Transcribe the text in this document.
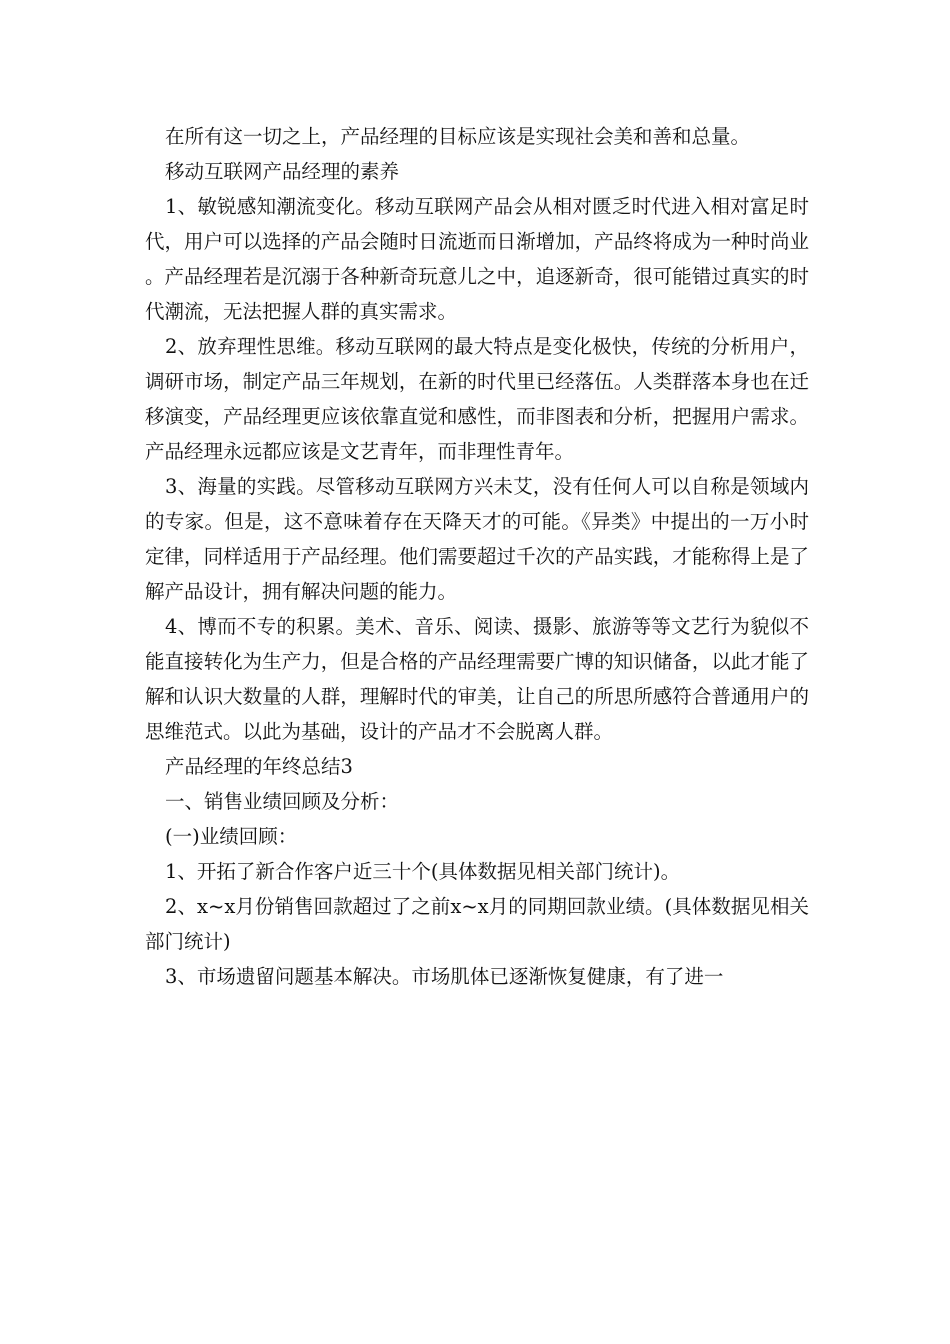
在所有这一切之上，产品经理的目标应该是实现社会美和善和总量。

移动互联网产品经理的素养

1、敏锐感知潮流变化。移动互联网产品会从相对匮乏时代进入相对富足时代，用户可以选择的产品会随时日流逝而日渐增加，产品终将成为一种时尚业。产品经理若是沉溺于各种新奇玩意儿之中，追逐新奇，很可能错过真实的时代潮流，无法把握人群的真实需求。

2、放弃理性思维。移动互联网的最大特点是变化极快，传统的分析用户，调研市场，制定产品三年规划，在新的时代里已经落伍。人类群落本身也在迁移演变，产品经理更应该依靠直觉和感性，而非图表和分析，把握用户需求。产品经理永远都应该是文艺青年，而非理性青年。

3、海量的实践。尽管移动互联网方兴未艾，没有任何人可以自称是领域内的专家。但是，这不意味着存在天降天才的可能。《异类》中提出的一万小时定律，同样适用于产品经理。他们需要超过千次的产品实践，才能称得上是了解产品设计，拥有解决问题的能力。

4、博而不专的积累。美术、音乐、阅读、摄影、旅游等等文艺行为貌似不能直接转化为生产力，但是合格的产品经理需要广博的知识储备，以此才能了解和认识大数量的人群，理解时代的审美，让自己的所思所感符合普通用户的思维范式。以此为基础，设计的产品才不会脱离人群。

产品经理的年终总结3

一、销售业绩回顾及分析：

(一)业绩回顾：

1、开拓了新合作客户近三十个(具体数据见相关部门统计)。

2、x~x月份销售回款超过了之前x~x月的同期回款业绩。(具体数据见相关部门统计)

3、市场遗留问题基本解决。市场肌体已逐渐恢复健康，有了进一
